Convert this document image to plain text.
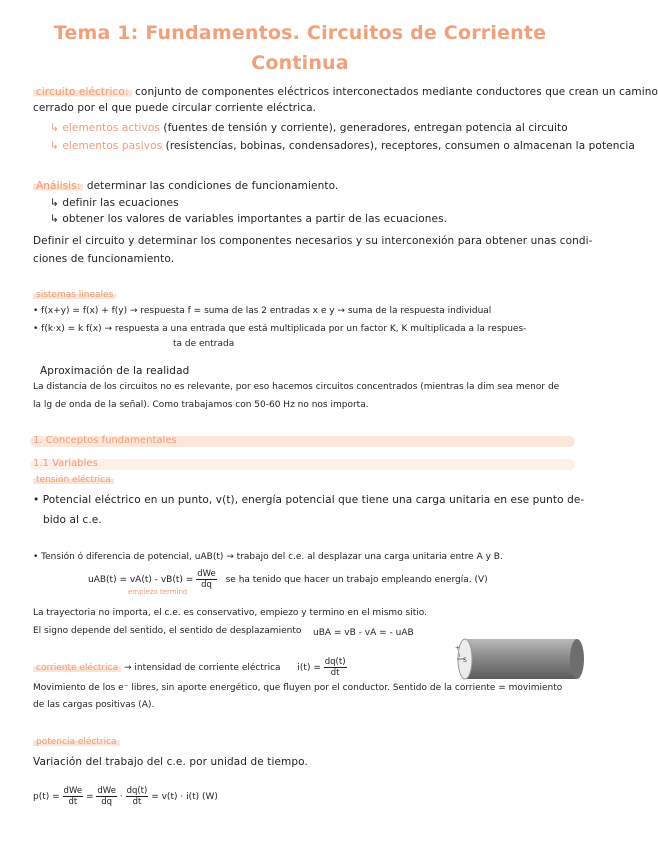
Tema 1: Fundamentos. Circuitos de Corriente
Continua
circuito eléctrico: conjunto de componentes eléctricos interconectados mediante conductores que crean un camino
cerrado por el que puede circular corriente eléctrica.
↳ elementos activos (fuentes de tensión y corriente), generadores, entregan potencia al circuito
↳ elementos pasivos (resistencias, bobinas, condensadores), receptores, consumen o almacenan la potencia
Análisis: determinar las condiciones de funcionamiento.
↳ definir las ecuaciones
↳ obtener los valores de variables importantes a partir de las ecuaciones.
Definir el circuito y determinar los componentes necesarios y su interconexión para obtener unas condi-
ciones de funcionamiento.
sistemas lineales
• f(x+y) = f(x) + f(y) → respuesta f = suma de las 2 entradas x e y → suma de la respuesta individual
• f(k·x) = k f(x) → respuesta a una entrada que está multiplicada por un factor K, K multiplicada a la respues-
ta de entrada
Aproximación de la realidad
La distancia de los circuitos no es relevante, por eso hacemos circuitos concentrados (mientras la dim sea menor de
la lg de onda de la señal). Como trabajamos con 50-60 Hz no nos importa.
1. Conceptos fundamentales
1.1 Variables
tensión eléctrica
• Potencial eléctrico en un punto, v(t), energía potencial que tiene una carga unitaria en ese punto de-
bido al c.e.
• Tensión ó diferencia de potencial, uAB(t) → trabajo del c.e. al desplazar una carga unitaria entre A y B.
$uAB(t) = vA(t) - vB(t) = \frac{\text{dWe}}{dq}$ se ha tenido que hacer un trabajo empleando energía. (V)
empiezo termino
La trayectoria no importa, el c.e. es conservativo, empiezo y termino en el mismo sitio.
El signo depende del sentido, el sentido de desplazamiento uBA = vB - vA = - uAB
corriente eléctrica → intensidad de corriente eléctrica $i(t) = \frac{dq(t)}{dt}$
Movimiento de los e⁻ libres, sin aporte energético, que fluyen por el conductor. Sentido de la corriente = movimiento
de las cargas positivas (A).
+
i
S
potencia eléctrica
Variación del trabajo del c.e. por unidad de tiempo.
$p(t) = \frac{\text{dWe}}{dt} = \frac{\text{dWe}}{dq} \cdot \frac{dq(t)}{dt} = v(t) \cdot i(t)$ (W)
